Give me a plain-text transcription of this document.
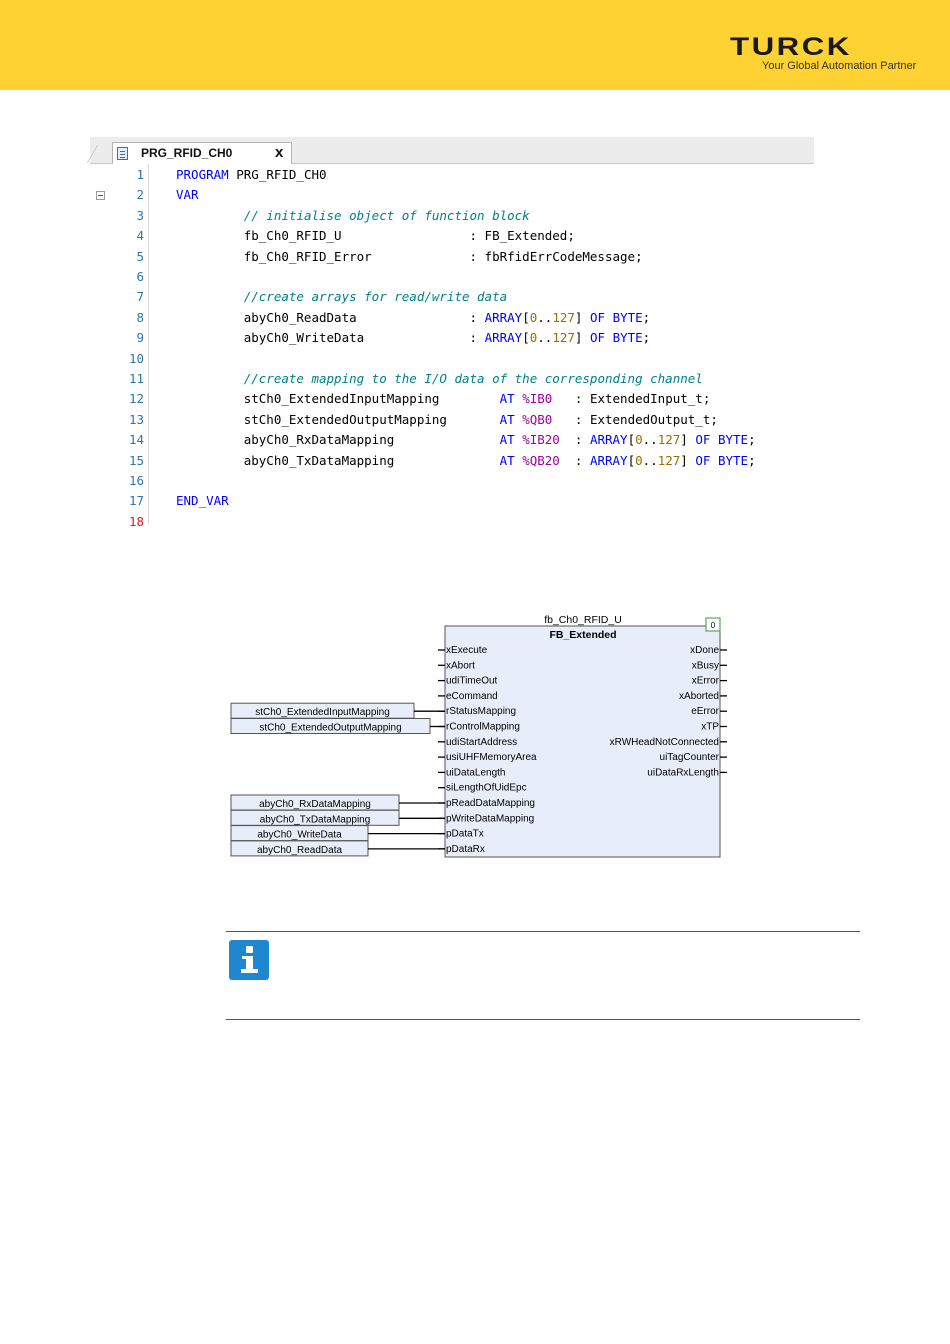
TURCK
Your Global Automation Partner
PRG_RFID_CH0	x
1	PROGRAM PRG_RFID_CH0
2	VAR
3	// initialise object of function block
4	fb_Ch0_RFID_U                 : FB_Extended;
5	fb_Ch0_RFID_Error             : fbRfidErrCodeMessage;
6
7	//create arrays for read/write data
8	abyCh0_ReadData               : ARRAY[0..127] OF BYTE;
9	abyCh0_WriteData              : ARRAY[0..127] OF BYTE;
10
11	//create mapping to the I/O data of the corresponding channel
12	stCh0_ExtendedInputMapping        AT %IB0   : ExtendedInput_t;
13	stCh0_ExtendedOutputMapping       AT %QB0   : ExtendedOutput_t;
14	abyCh0_RxDataMapping              AT %IB20  : ARRAY[0..127] OF BYTE;
15	abyCh0_TxDataMapping              AT %QB20  : ARRAY[0..127] OF BYTE;
16
17	END_VAR
18
fb_Ch0_RFID_U
FB_Extended
0
xExecute
xAbort
udiTimeOut
eCommand
rStatusMapping
rControlMapping
udiStartAddress
usiUHFMemoryArea
uiDataLength
siLengthOfUidEpc
pReadDataMapping
pWriteDataMapping
pDataTx
pDataRx
xDone
xBusy
xError
xAborted
eError
xTP
xRWHeadNotConnected
uiTagCounter
uiDataRxLength
stCh0_ExtendedInputMapping
stCh0_ExtendedOutputMapping
abyCh0_RxDataMapping
abyCh0_TxDataMapping
abyCh0_WriteData
abyCh0_ReadData
